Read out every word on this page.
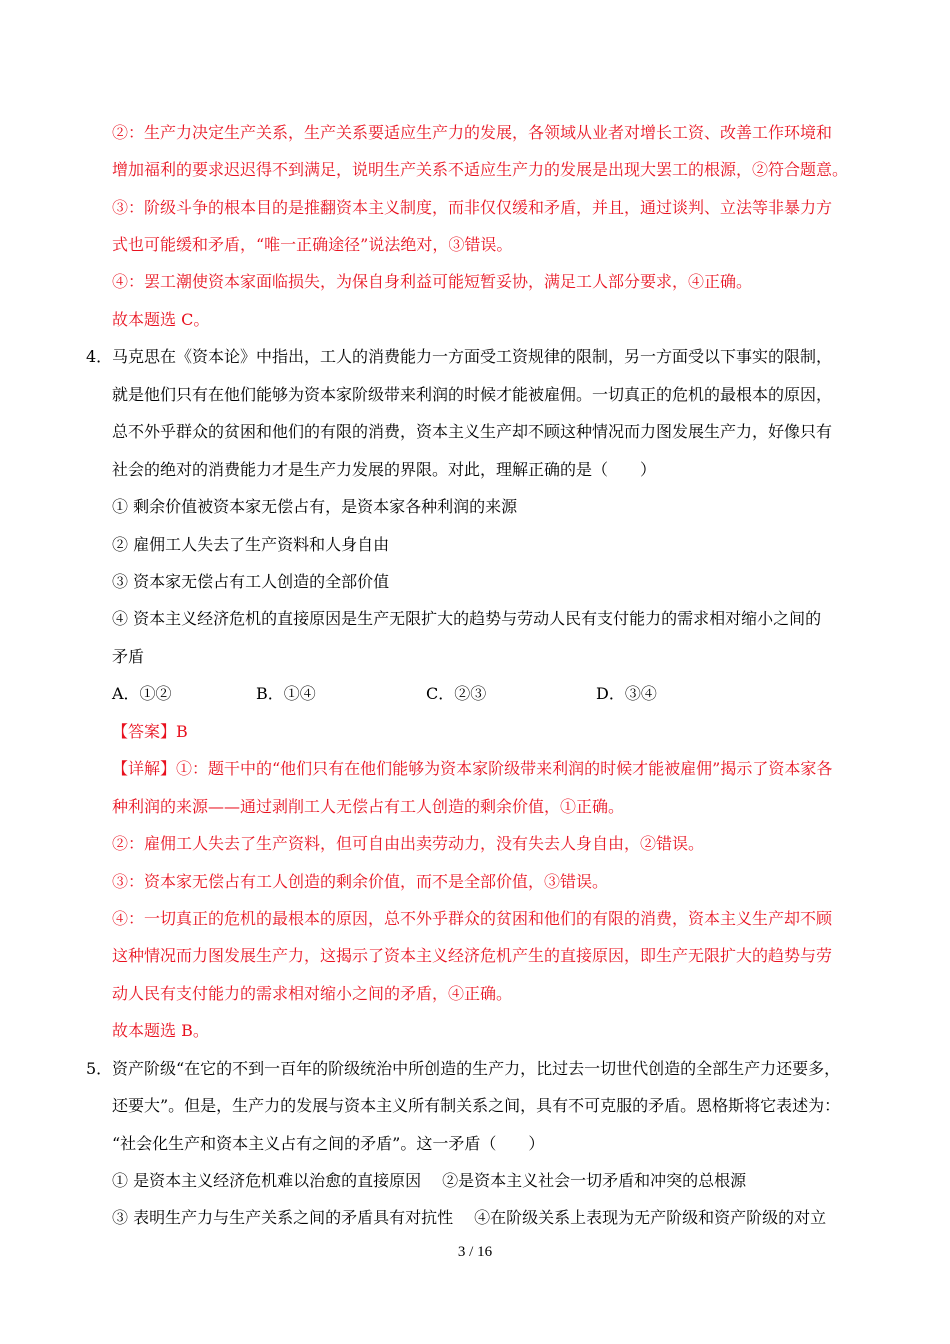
②：生产力决定生产关系，生产关系要适应生产力的发展，各领域从业者对增长工资、改善工作环境和
增加福利的要求迟迟得不到满足，说明生产关系不适应生产力的发展是出现大罢工的根源，②符合题意。
③：阶级斗争的根本目的是推翻资本主义制度，而非仅仅缓和矛盾，并且，通过谈判、立法等非暴力方
式也可能缓和矛盾，“唯一正确途径”说法绝对，③错误。
④：罢工潮使资本家面临损失，为保自身利益可能短暂妥协，满足工人部分要求，④正确。
故本题选 C。
4． 马克思在《资本论》中指出，工人的消费能力一方面受工资规律的限制，另一方面受以下事实的限制，
就是他们只有在他们能够为资本家阶级带来利润的时候才能被雇佣。一切真正的危机的最根本的原因，
总不外乎群众的贫困和他们的有限的消费，资本主义生产却不顾这种情况而力图发展生产力，好像只有
社会的绝对的消费能力才是生产力发展的界限。对此，理解正确的是（　　）
① 剩余价值被资本家无偿占有，是资本家各种利润的来源
② 雇佣工人失去了生产资料和人身自由
③ 资本家无偿占有工人创造的全部价值
④ 资本主义经济危机的直接原因是生产无限扩大的趋势与劳动人民有支付能力的需求相对缩小之间的
矛盾
A．①②	B．①④	C．②③	D．③④
【答案】B
【详解】①：题干中的“他们只有在他们能够为资本家阶级带来利润的时候才能被雇佣”揭示了资本家各
种利润的来源——通过剥削工人无偿占有工人创造的剩余价值，①正确。
②：雇佣工人失去了生产资料，但可自由出卖劳动力，没有失去人身自由，②错误。
③：资本家无偿占有工人创造的剩余价值，而不是全部价值，③错误。
④：一切真正的危机的最根本的原因，总不外乎群众的贫困和他们的有限的消费，资本主义生产却不顾
这种情况而力图发展生产力，这揭示了资本主义经济危机产生的直接原因，即生产无限扩大的趋势与劳
动人民有支付能力的需求相对缩小之间的矛盾，④正确。
故本题选 B。
5． 资产阶级“在它的不到一百年的阶级统治中所创造的生产力，比过去一切世代创造的全部生产力还要多，
还要大”。但是，生产力的发展与资本主义所有制关系之间，具有不可克服的矛盾。恩格斯将它表述为：
“社会化生产和资本主义占有之间的矛盾”。这一矛盾（　　）
① 是资本主义经济危机难以治愈的直接原因　 ②是资本主义社会一切矛盾和冲突的总根源
③ 表明生产力与生产关系之间的矛盾具有对抗性　 ④在阶级关系上表现为无产阶级和资产阶级的对立
3 / 16
